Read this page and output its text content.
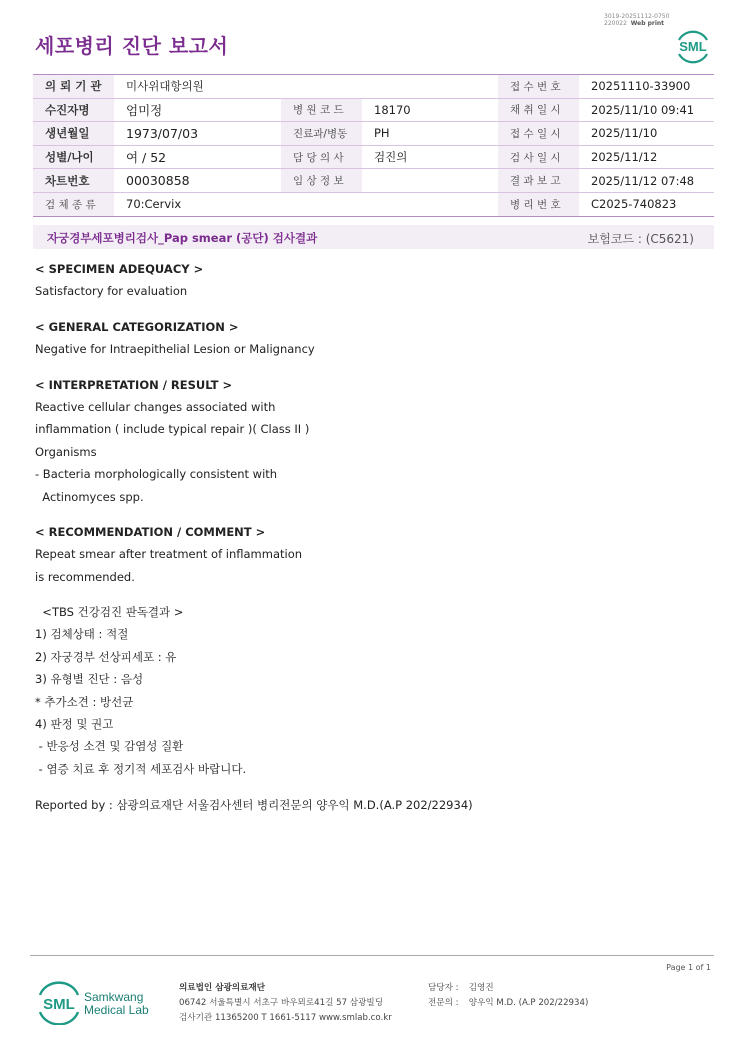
3019-20251112-0750
220022 Web print
세포병리 진단 보고서	SML
의 뢰 기 관	미사위대항의원			접 수 번 호	20251110-33900
수진자명	엄미정	병 원 코 드	18170	채 취 일 시	2025/11/10 09:41
생년월일	1973/07/03	진료과/병동	PH	접 수 일 시	2025/11/10
성별/나이	여 / 52	담 당 의 사	검진의	검 사 일 시	2025/11/12
차트번호	00030858	임 상 정 보		결 과 보 고	2025/11/12 07:48
검 체 종 류	70:Cervix			병 리 번 호	C2025-740823
자궁경부세포병리검사_Pap smear (공단) 검사결과	보험코드 : (C5621)
< SPECIMEN ADEQUACY >
Satisfactory for evaluation
< GENERAL CATEGORIZATION >
Negative for Intraepithelial Lesion or Malignancy
< INTERPRETATION / RESULT >
Reactive cellular changes associated with
inflammation ( include typical repair )( Class II )
Organisms
- Bacteria morphologically consistent with
Actinomyces spp.
< RECOMMENDATION / COMMENT >
Repeat smear after treatment of inflammation
is recommended.
<TBS 건강검진 판독결과 >
1) 검체상태 : 적절
2) 자궁경부 선상피세포 : 유
3) 유형별 진단 : 음성
* 추가소견 : 방선균
4) 판정 및 권고
- 반응성 소견 및 감염성 질환
- 염증 치료 후 정기적 세포검사 바랍니다.
Reported by : 삼광의료재단 서울검사센터 병리전문의 양우익 M.D.(A.P 202/22934)
Page 1 of 1
SML Samkwang
Medical Lab
의료법인 삼광의료재단
06742 서울특별시 서초구 바우뫼로41길 57 삼광빌딩
검사기관 11365200 T 1661-5117 www.smlab.co.kr
담당자 : 김영진
전문의 : 양우익 M.D. (A.P 202/22934)
